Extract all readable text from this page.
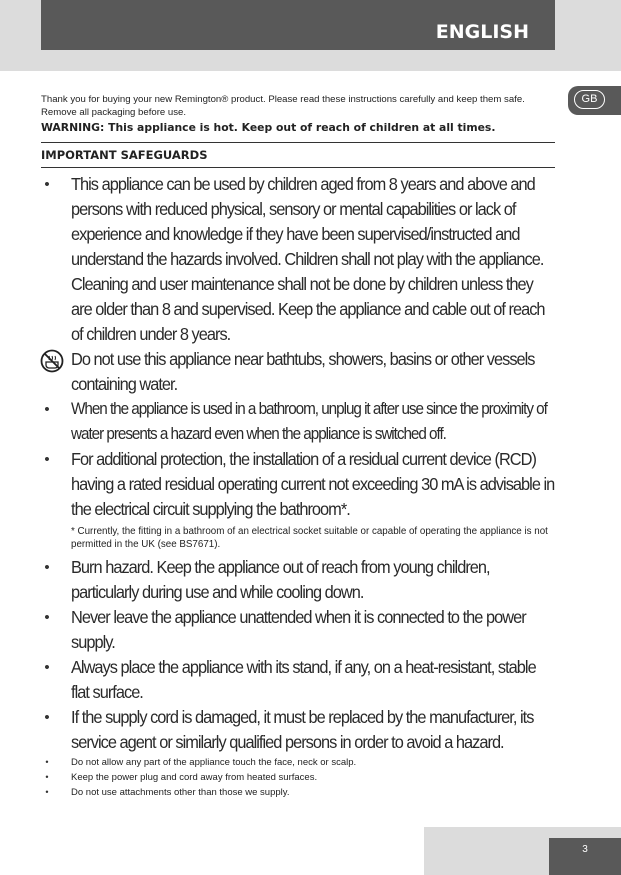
ENGLISH
GB

Thank you for buying your new Remington® product. Please read these instructions carefully and keep them safe. Remove all packaging before use.

WARNING: This appliance is hot. Keep out of reach of children at all times.

IMPORTANT SAFEGUARDS
• This appliance can be used by children aged from 8 years and above and persons with reduced physical, sensory or mental capabilities or lack of experience and knowledge if they have been supervised/instructed and understand the hazards involved. Children shall not play with the appliance. Cleaning and user maintenance shall not be done by children unless they are older than 8 and supervised. Keep the appliance and cable out of reach of children under 8 years.
Do not use this appliance near bathtubs, showers, basins or other vessels containing water.
• When the appliance is used in a bathroom, unplug it after use since the proximity of water presents a hazard even when the appliance is switched off.
• For additional protection, the installation of a residual current device (RCD) having a rated residual operating current not exceeding 30 mA is advisable in the electrical circuit supplying the bathroom*.
* Currently, the fitting in a bathroom of an electrical socket suitable or capable of operating the appliance is not permitted in the UK (see BS7671).
• Burn hazard. Keep the appliance out of reach from young children, particularly during use and while cooling down.
• Never leave the appliance unattended when it is connected to the power supply.
• Always place the appliance with its stand, if any, on a heat-resistant, stable flat surface.
• If the supply cord is damaged, it must be replaced by the manufacturer, its service agent or similarly qualified persons in order to avoid a hazard.
•	Do not allow any part of the appliance touch the face, neck or scalp.
•	Keep the power plug and cord away from heated surfaces.
•	Do not use attachments other than those we supply.
3
